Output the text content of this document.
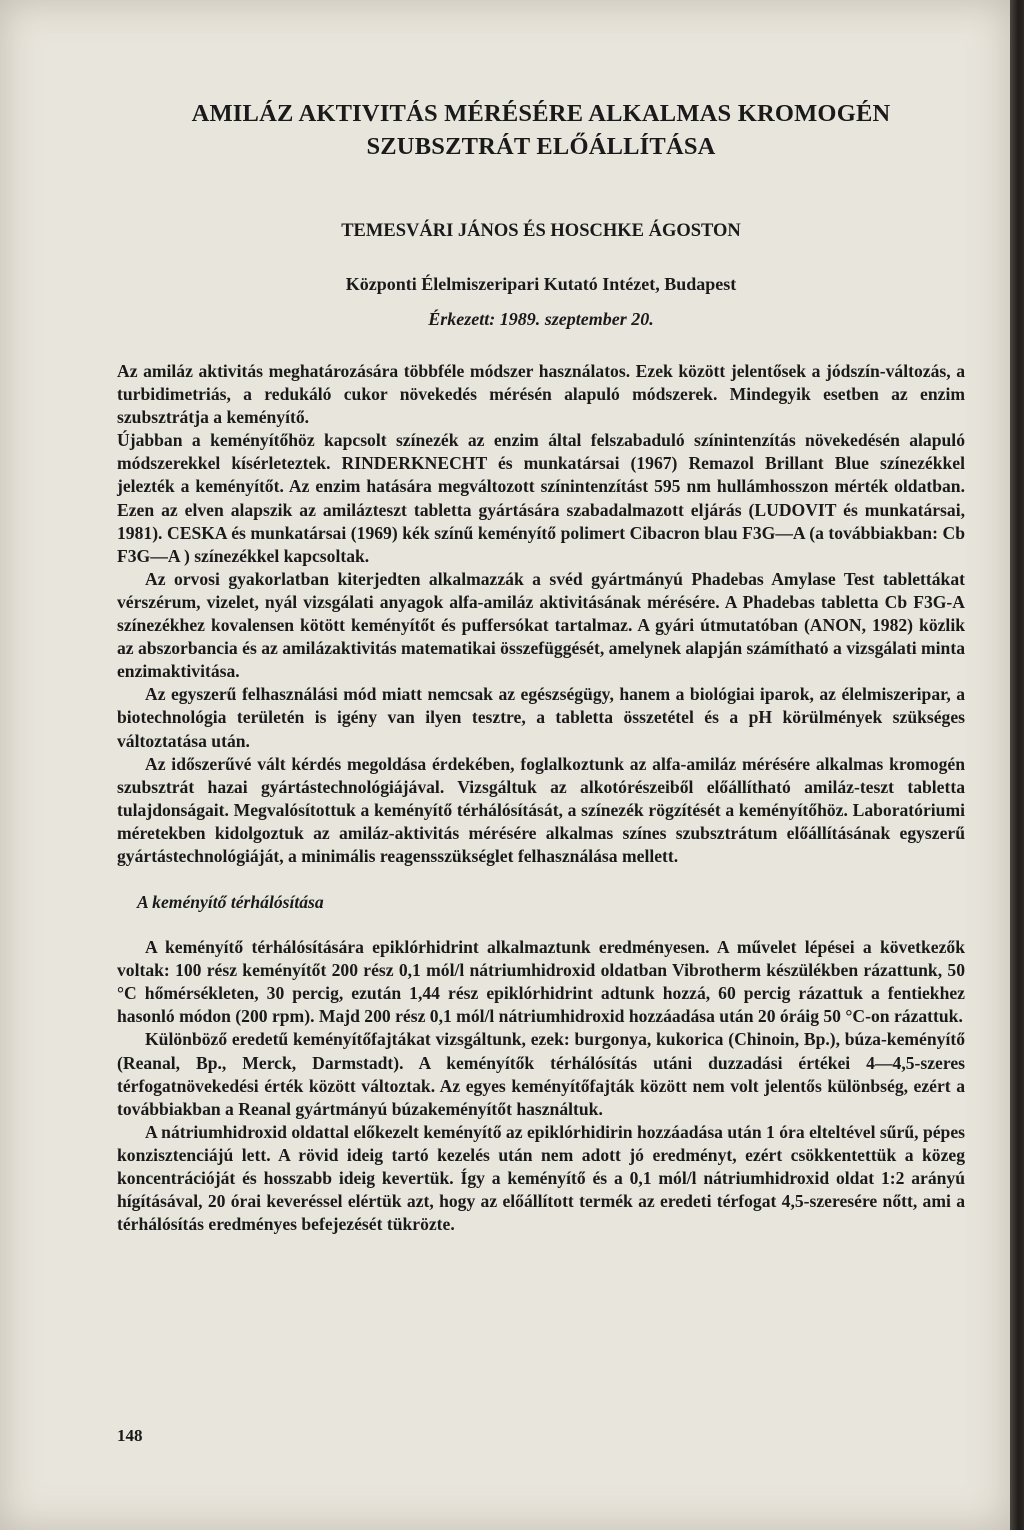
AMILÁZ AKTIVITÁS MÉRÉSÉRE ALKALMAS KROMOGÉN
SZUBSZTRÁT ELŐÁLLÍTÁSA
TEMESVÁRI JÁNOS ÉS HOSCHKE ÁGOSTON
Központi Élelmiszeripari Kutató Intézet, Budapest
Érkezett: 1989. szeptember 20.

Az amiláz aktivitás meghatározására többféle módszer használatos. Ezek között jelentősek a jódszín-változás, a turbidimetriás, a redukáló cukor növekedés mérésén alapuló módszerek. Mindegyik esetben az enzim szubsztrátja a keményítő.

Újabban a keményítőhöz kapcsolt színezék az enzim által felszabaduló színintenzítás növekedésén alapuló módszerekkel kísérleteztek. RINDERKNECHT és munkatársai (1967) Remazol Brillant Blue színezékkel jelezték a keményítőt. Az enzim hatására megváltozott színintenzítást 595 nm hullámhosszon mérték oldatban. Ezen az elven alapszik az amilázteszt tabletta gyártására szabadalmazott eljárás (LUDOVIT és munkatársai, 1981). CESKA és munkatársai (1969) kék színű keményítő polimert Cibacron blau F3G—A (a továbbiakban: Cb F3G—A ) színezékkel kapcsoltak.

Az orvosi gyakorlatban kiterjedten alkalmazzák a svéd gyártmányú Phadebas Amylase Test tablettákat vérszérum, vizelet, nyál vizsgálati anyagok alfa-amiláz aktivitásának mérésére. A Phadebas tabletta Cb F3G-A színezékhez kovalensen kötött keményítőt és puffersókat tartalmaz. A gyári útmutatóban (ANON, 1982) közlik az abszorbancia és az amilázaktivitás matematikai összefüggését, amelynek alapján számítható a vizsgálati minta enzimaktivitása.

Az egyszerű felhasználási mód miatt nemcsak az egészségügy, hanem a biológiai iparok, az élelmiszeripar, a biotechnológia területén is igény van ilyen tesztre, a tabletta összetétel és a pH körülmények szükséges változtatása után.

Az időszerűvé vált kérdés megoldása érdekében, foglalkoztunk az alfa-amiláz mérésére alkalmas kromogén szubsztrát hazai gyártástechnológiájával. Vizsgáltuk az alkotórészeiből előállítható amiláz-teszt tabletta tulajdonságait. Megvalósítottuk a keményítő térhálósítását, a színezék rögzítését a keményítőhöz. Laboratóriumi méretekben kidolgoztuk az amiláz-aktivitás mérésére alkalmas színes szubsztrátum előállításának egyszerű gyártástechnológiáját, a minimális reagensszükséglet felhasználása mellett.

A keményítő térhálósítása

A keményítő térhálósítására epiklórhidrint alkalmaztunk eredményesen. A művelet lépései a következők voltak: 100 rész keményítőt 200 rész 0,1 mól/l nátriumhidroxid oldatban Vibrotherm készülékben rázattunk, 50 °C hőmérsékleten, 30 percig, ezután 1,44 rész epiklórhidrint adtunk hozzá, 60 percig rázattuk a fentiekhez hasonló módon (200 rpm). Majd 200 rész 0,1 mól/l nátriumhidroxid hozzáadása után 20 óráig 50 °C-on rázattuk.

Különböző eredetű keményítőfajtákat vizsgáltunk, ezek: burgonya, kukorica (Chinoin, Bp.), búza-keményítő (Reanal, Bp., Merck, Darmstadt). A keményítők térhálósítás utáni duzzadási értékei 4—4,5-szeres térfogatnövekedési érték között változtak. Az egyes keményítőfajták között nem volt jelentős különbség, ezért a továbbiakban a Reanal gyártmányú búzakeményítőt használtuk.

A nátriumhidroxid oldattal előkezelt keményítő az epiklórhidirin hozzáadása után 1 óra elteltével sűrű, pépes konzisztenciájú lett. A rövid ideig tartó kezelés után nem adott jó eredményt, ezért csökkentettük a közeg koncentrációját és hosszabb ideig kevertük. Így a keményítő és a 0,1 mól/l nátriumhidroxid oldat 1:2 arányú hígításával, 20 órai keveréssel elértük azt, hogy az előállított termék az eredeti térfogat 4,5-szeresére nőtt, ami a térhálósítás eredményes befejezését tükrözte.

148
